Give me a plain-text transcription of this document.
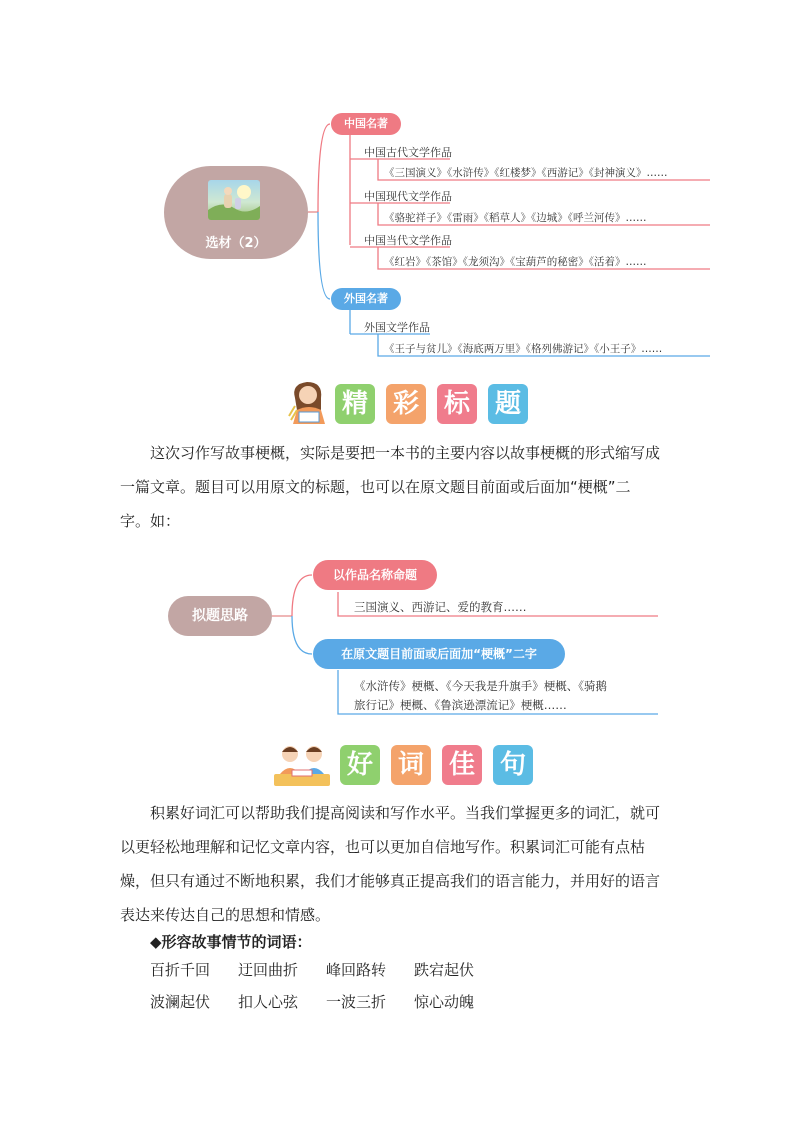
选材（2）
中国名著
中国古代文学作品
《三国演义》《水浒传》《红楼梦》《西游记》《封神演义》……
中国现代文学作品
《骆驼祥子》《雷雨》《稻草人》《边城》《呼兰河传》……
中国当代文学作品
《红岩》《茶馆》《龙须沟》《宝葫芦的秘密》《活着》……
外国名著
外国文学作品
《王子与贫儿》《海底两万里》《格列佛游记》《小王子》……
精 彩 标 题
这次习作写故事梗概，实际是要把一本书的主要内容以故事梗概的形式缩写成一篇文章。题目可以用原文的标题，也可以在原文题目前面或后面加“梗概”二字。如：
拟题思路
以作品名称命题
三国演义、西游记、爱的教育……
在原文题目前面或后面加“梗概”二字
《水浒传》梗概、《今天我是升旗手》梗概、《骑鹅
旅行记》梗概、《鲁滨逊漂流记》梗概……
好 词 佳 句
积累好词汇可以帮助我们提高阅读和写作水平。当我们掌握更多的词汇，就可以更轻松地理解和记忆文章内容，也可以更加自信地写作。积累词汇可能有点枯燥，但只有通过不断地积累，我们才能够真正提高我们的语言能力，并用好的语言表达来传达自己的思想和情感。
◆形容故事情节的词语：
百折千回 迂回曲折 峰回路转 跌宕起伏
波澜起伏 扣人心弦 一波三折 惊心动魄
